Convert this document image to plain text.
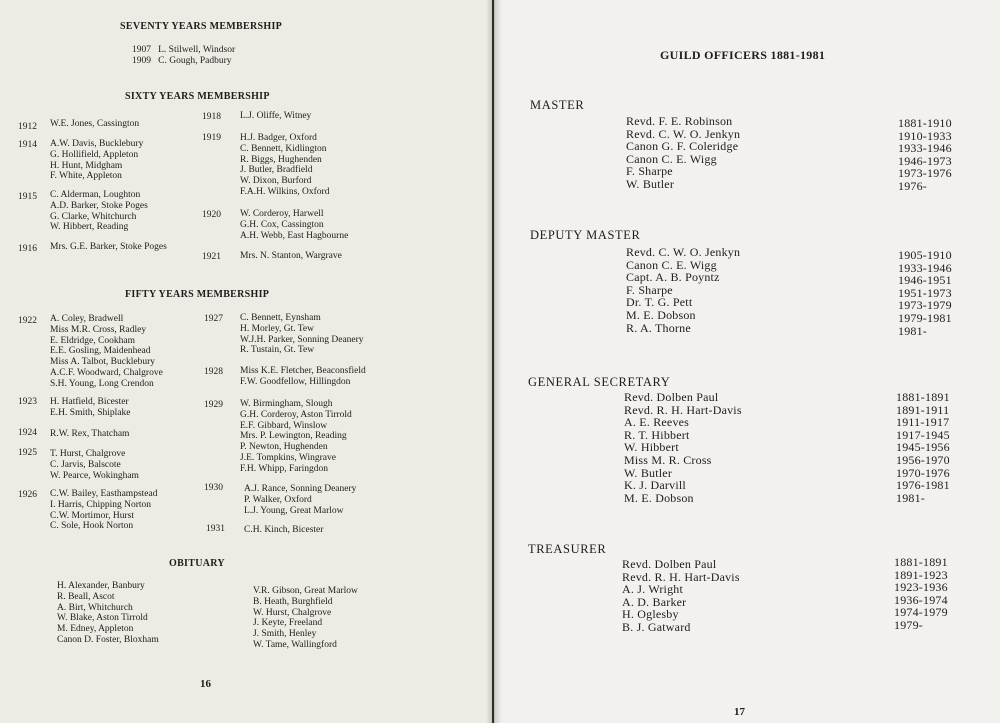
SEVENTY YEARS MEMBERSHIP
1907 L. Stilwell, Windsor
1909 C. Gough, Padbury
SIXTY YEARS MEMBERSHIP
1912 W.E. Jones, Cassington
1914 A.W. Davis, Bucklebury
G. Hollifield, Appleton
H. Hunt, Midgham
F. White, Appleton
1915 C. Alderman, Loughton
A.D. Barker, Stoke Poges
G. Clarke, Whitchurch
W. Hibbert, Reading
1916 Mrs. G.E. Barker, Stoke Poges
1918 L.J. Oliffe, Witney
1919 H.J. Badger, Oxford
C. Bennett, Kidlington
R. Biggs, Hughenden
J. Butler, Bradfield
W. Dixon, Burford
F.A.H. Wilkins, Oxford
1920 W. Corderoy, Harwell
G.H. Cox, Cassington
A.H. Webb, East Hagbourne
1921 Mrs. N. Stanton, Wargrave
FIFTY YEARS MEMBERSHIP
1922 A. Coley, Bradwell
Miss M.R. Cross, Radley
E. Eldridge, Cookham
E.E. Gosling, Maidenhead
Miss A. Talbot, Bucklebury
A.C.F. Woodward, Chalgrove
S.H. Young, Long Crendon
1923 H. Hatfield, Bicester
E.H. Smith, Shiplake
1924 R.W. Rex, Thatcham
1925 T. Hurst, Chalgrove
C. Jarvis, Balscote
W. Pearce, Wokingham
1926 C.W. Bailey, Easthampstead
I. Harris, Chipping Norton
C.W. Mortimor, Hurst
C. Sole, Hook Norton
1927 C. Bennett, Eynsham
H. Morley, Gt. Tew
W.J.H. Parker, Sonning Deanery
R. Tustain, Gt. Tew
1928 Miss K.E. Fletcher, Beaconsfield
F.W. Goodfellow, Hillingdon
1929 W. Birmingham, Slough
G.H. Corderoy, Aston Tirrold
E.F. Gibbard, Winslow
Mrs. P. Lewington, Reading
P. Newton, Hughenden
J.E. Tompkins, Wingrave
F.H. Whipp, Faringdon
1930 A.J. Rance, Sonning Deanery
P. Walker, Oxford
L.J. Young, Great Marlow
1931 C.H. Kinch, Bicester
OBITUARY
H. Alexander, Banbury
R. Beall, Ascot
A. Birt, Whitchurch
W. Blake, Aston Tirrold
M. Edney, Appleton
Canon D. Foster, Bloxham
V.R. Gibson, Great Marlow
B. Heath, Burghfield
W. Hurst, Chalgrove
J. Keyte, Freeland
J. Smith, Henley
W. Tame, Wallingford
16
GUILD OFFICERS 1881-1981
MASTER
Revd. F. E. Robinson
Revd. C. W. O. Jenkyn
Canon G. F. Coleridge
Canon C. E. Wigg
F. Sharpe
W. Butler
1881-1910
1910-1933
1933-1946
1946-1973
1973-1976
1976-
DEPUTY MASTER
Revd. C. W. O. Jenkyn
Canon C. E. Wigg
Capt. A. B. Poyntz
F. Sharpe
Dr. T. G. Pett
M. E. Dobson
R. A. Thorne
1905-1910
1933-1946
1946-1951
1951-1973
1973-1979
1979-1981
1981-
GENERAL SECRETARY
Revd. Dolben Paul
Revd. R. H. Hart-Davis
A. E. Reeves
R. T. Hibbert
W. Hibbert
Miss M. R. Cross
W. Butler
K. J. Darvill
M. E. Dobson
1881-1891
1891-1911
1911-1917
1917-1945
1945-1956
1956-1970
1970-1976
1976-1981
1981-
TREASURER
Revd. Dolben Paul
Revd. R. H. Hart-Davis
A. J. Wright
A. D. Barker
H. Oglesby
B. J. Gatward
1881-1891
1891-1923
1923-1936
1936-1974
1974-1979
1979-
17
